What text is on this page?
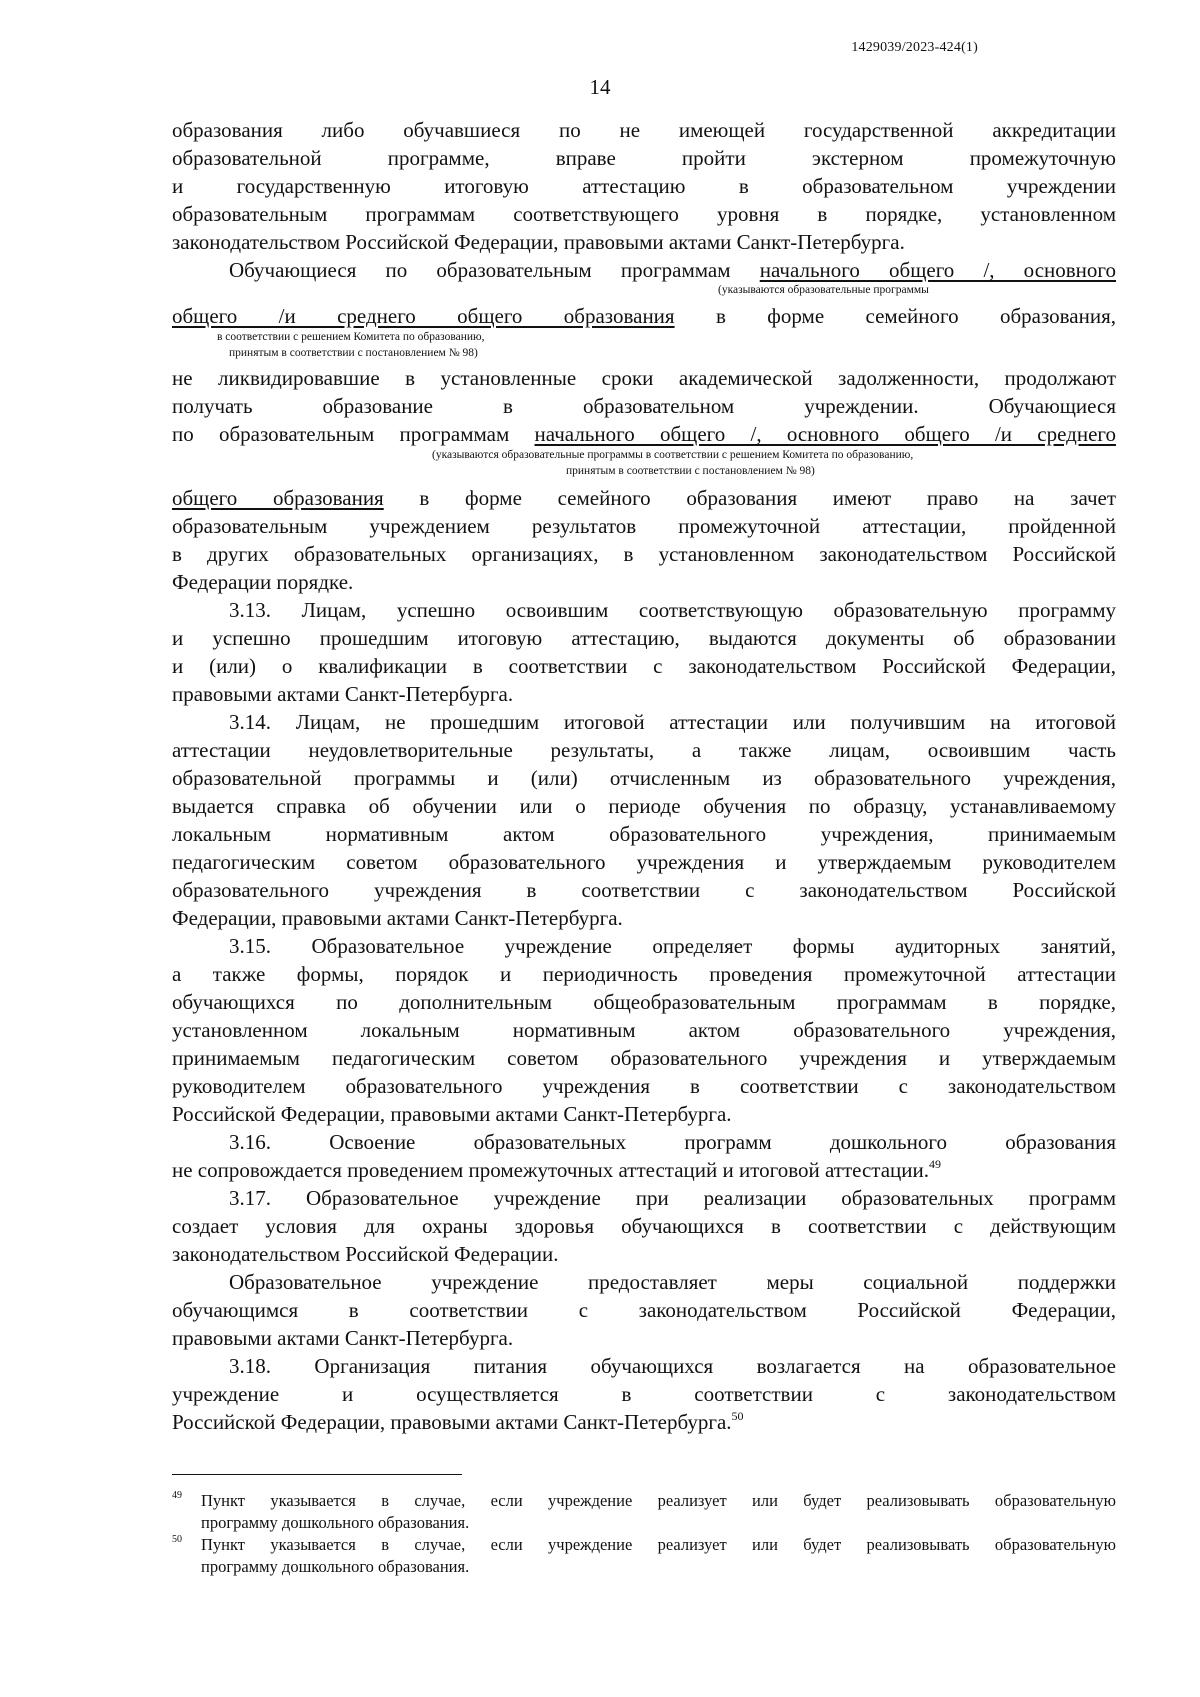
1429039/2023-424(1)
14
образования либо обучавшиеся по не имеющей государственной аккредитации
образовательной программе, вправе пройти экстерном промежуточную
и государственную итоговую аттестацию в образовательном учреждении
образовательным программам соответствующего уровня в порядке, установленном
законодательством Российской Федерации, правовыми актами Санкт-Петербурга.
Обучающиеся по образовательным программам начального общего /, основного
(указываются образовательные программы
общего /и среднего общего образования в форме семейного образования,
в соответствии с решением Комитета по образованию,
принятым в соответствии с постановлением № 98)
не ликвидировавшие в установленные сроки академической задолженности, продолжают
получать образование в образовательном учреждении. Обучающиеся
по образовательным программам начального общего /, основного общего /и среднего
(указываются образовательные программы в соответствии с решением Комитета по образованию,
принятым в соответствии с постановлением № 98)
общего образования в форме семейного образования имеют право на зачет
образовательным учреждением результатов промежуточной аттестации, пройденной
в других образовательных организациях, в установленном законодательством Российской
Федерации порядке.
3.13. Лицам, успешно освоившим соответствующую образовательную программу
и успешно прошедшим итоговую аттестацию, выдаются документы об образовании
и (или) о квалификации в соответствии с законодательством Российской Федерации,
правовыми актами Санкт-Петербурга.
3.14. Лицам, не прошедшим итоговой аттестации или получившим на итоговой
аттестации неудовлетворительные результаты, а также лицам, освоившим часть
образовательной программы и (или) отчисленным из образовательного учреждения,
выдается справка об обучении или о периоде обучения по образцу, устанавливаемому
локальным нормативным актом образовательного учреждения, принимаемым
педагогическим советом образовательного учреждения и утверждаемым руководителем
образовательного учреждения в соответствии с законодательством Российской
Федерации, правовыми актами Санкт-Петербурга.
3.15. Образовательное учреждение определяет формы аудиторных занятий,
а также формы, порядок и периодичность проведения промежуточной аттестации
обучающихся по дополнительным общеобразовательным программам в порядке,
установленном локальным нормативным актом образовательного учреждения,
принимаемым педагогическим советом образовательного учреждения и утверждаемым
руководителем образовательного учреждения в соответствии с законодательством
Российской Федерации, правовыми актами Санкт-Петербурга.
3.16. Освоение образовательных программ дошкольного образования
не сопровождается проведением промежуточных аттестаций и итоговой аттестации.$^{49}$
3.17. Образовательное учреждение при реализации образовательных программ
создает условия для охраны здоровья обучающихся в соответствии с действующим
законодательством Российской Федерации.
Образовательное учреждение предоставляет меры социальной поддержки
обучающимся в соответствии с законодательством Российской Федерации,
правовыми актами Санкт-Петербурга.
3.18. Организация питания обучающихся возлагается на образовательное
учреждение и осуществляется в соответствии с законодательством
Российской Федерации, правовыми актами Санкт-Петербурга.$^{50}$
49 Пункт указывается в случае, если учреждение реализует или будет реализовывать образовательную
программу дошкольного образования.
50 Пункт указывается в случае, если учреждение реализует или будет реализовывать образовательную
программу дошкольного образования.
